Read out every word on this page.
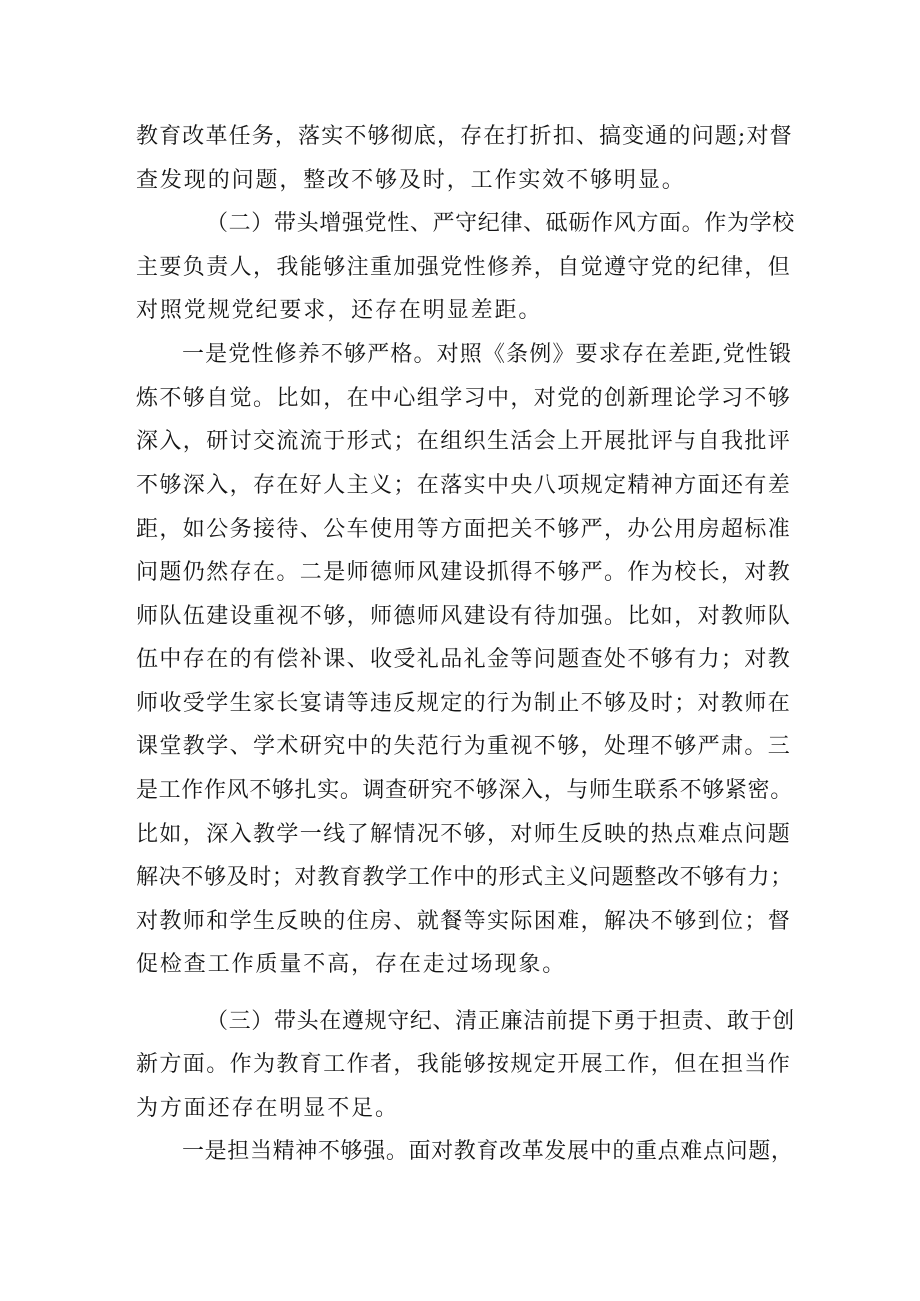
教育改革任务，落实不够彻底，存在打折扣、搞变通的问题;对督
查发现的问题，整改不够及时，工作实效不够明显。
（二）带头增强党性、严守纪律、砥砺作风方面。作为学校
主要负责人，我能够注重加强党性修养，自觉遵守党的纪律，但
对照党规党纪要求，还存在明显差距。
一是党性修养不够严格。对照《条例》要求存在差距,党性锻
炼不够自觉。比如，在中心组学习中，对党的创新理论学习不够
深入，研讨交流流于形式；在组织生活会上开展批评与自我批评
不够深入，存在好人主义；在落实中央八项规定精神方面还有差
距，如公务接待、公车使用等方面把关不够严，办公用房超标准
问题仍然存在。二是师德师风建设抓得不够严。作为校长，对教
师队伍建设重视不够，师德师风建设有待加强。比如，对教师队
伍中存在的有偿补课、收受礼品礼金等问题查处不够有力；对教
师收受学生家长宴请等违反规定的行为制止不够及时；对教师在
课堂教学、学术研究中的失范行为重视不够，处理不够严肃。三
是工作作风不够扎实。调查研究不够深入，与师生联系不够紧密。
比如，深入教学一线了解情况不够，对师生反映的热点难点问题
解决不够及时；对教育教学工作中的形式主义问题整改不够有力；
对教师和学生反映的住房、就餐等实际困难，解决不够到位；督
促检查工作质量不高，存在走过场现象。
（三）带头在遵规守纪、清正廉洁前提下勇于担责、敢于创
新方面。作为教育工作者，我能够按规定开展工作，但在担当作
为方面还存在明显不足。
一是担当精神不够强。面对教育改革发展中的重点难点问题，
